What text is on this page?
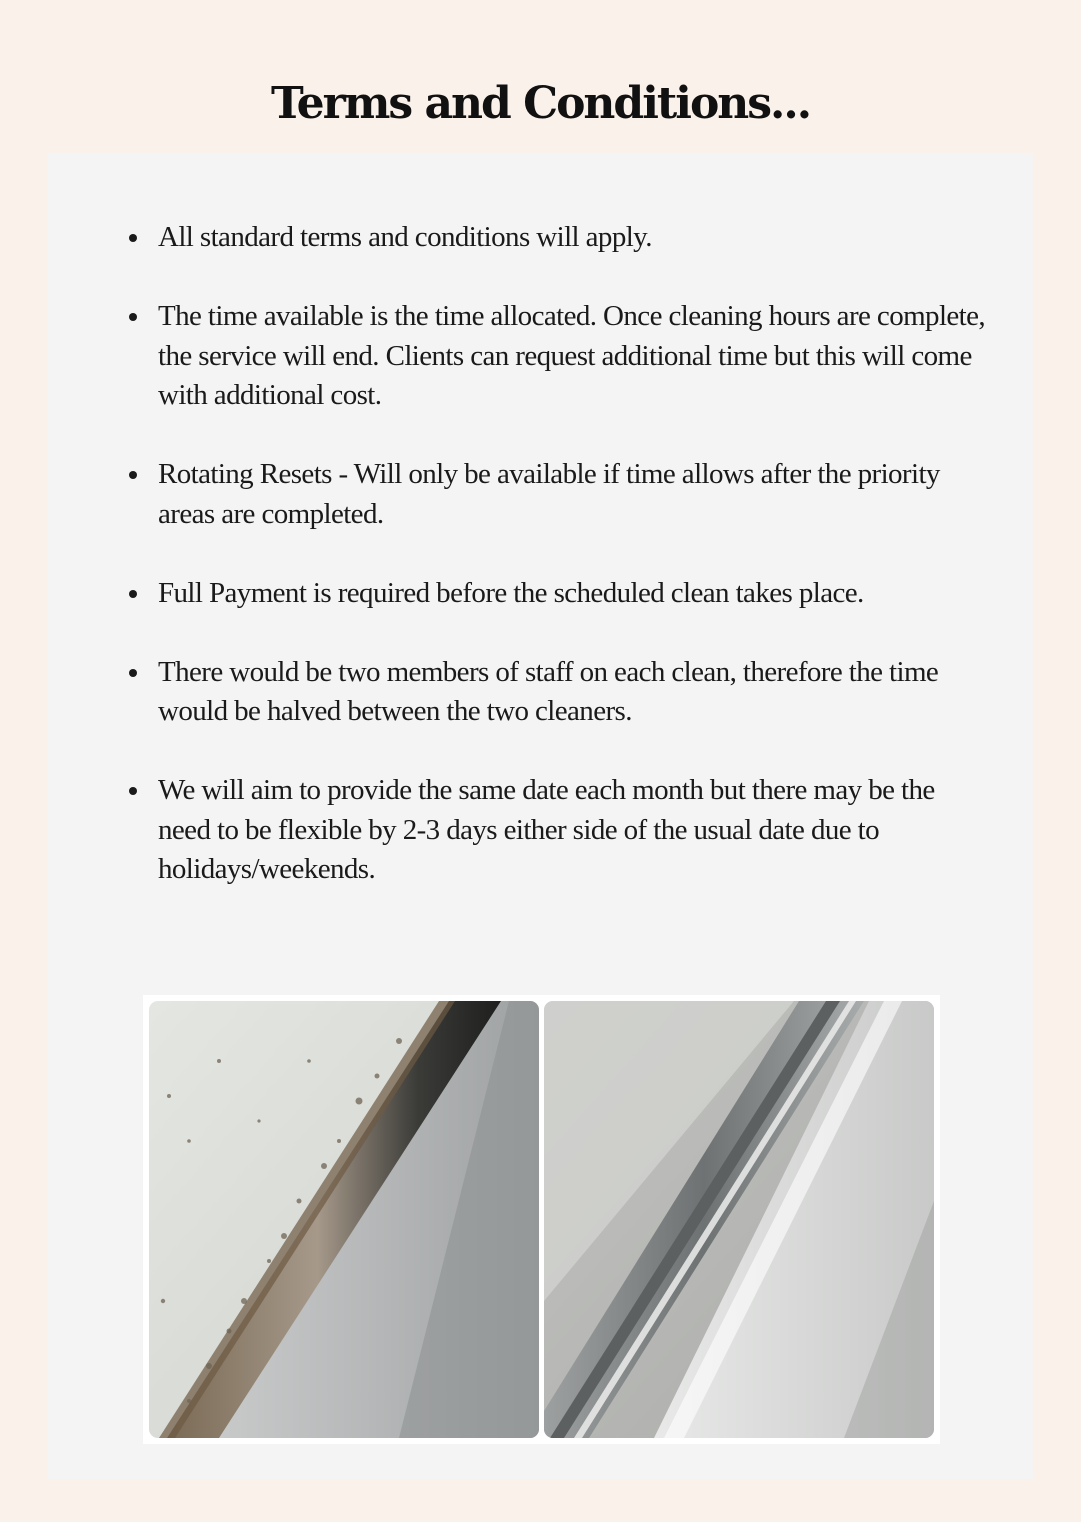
Terms and Conditions...
All standard terms and conditions will apply.
The time available is the time allocated. Once cleaning hours are complete, the service will end. Clients can request additional time but this will come with additional cost.
Rotating Resets - Will only be available if time allows after the priority areas are completed.
Full Payment is required before the scheduled clean takes place.
There would be two members of staff on each clean, therefore the time would be halved between the two cleaners.
We will aim to provide the same date each month but there may be the need to be flexible by 2-3 days either side of the usual date due to holidays/weekends.
